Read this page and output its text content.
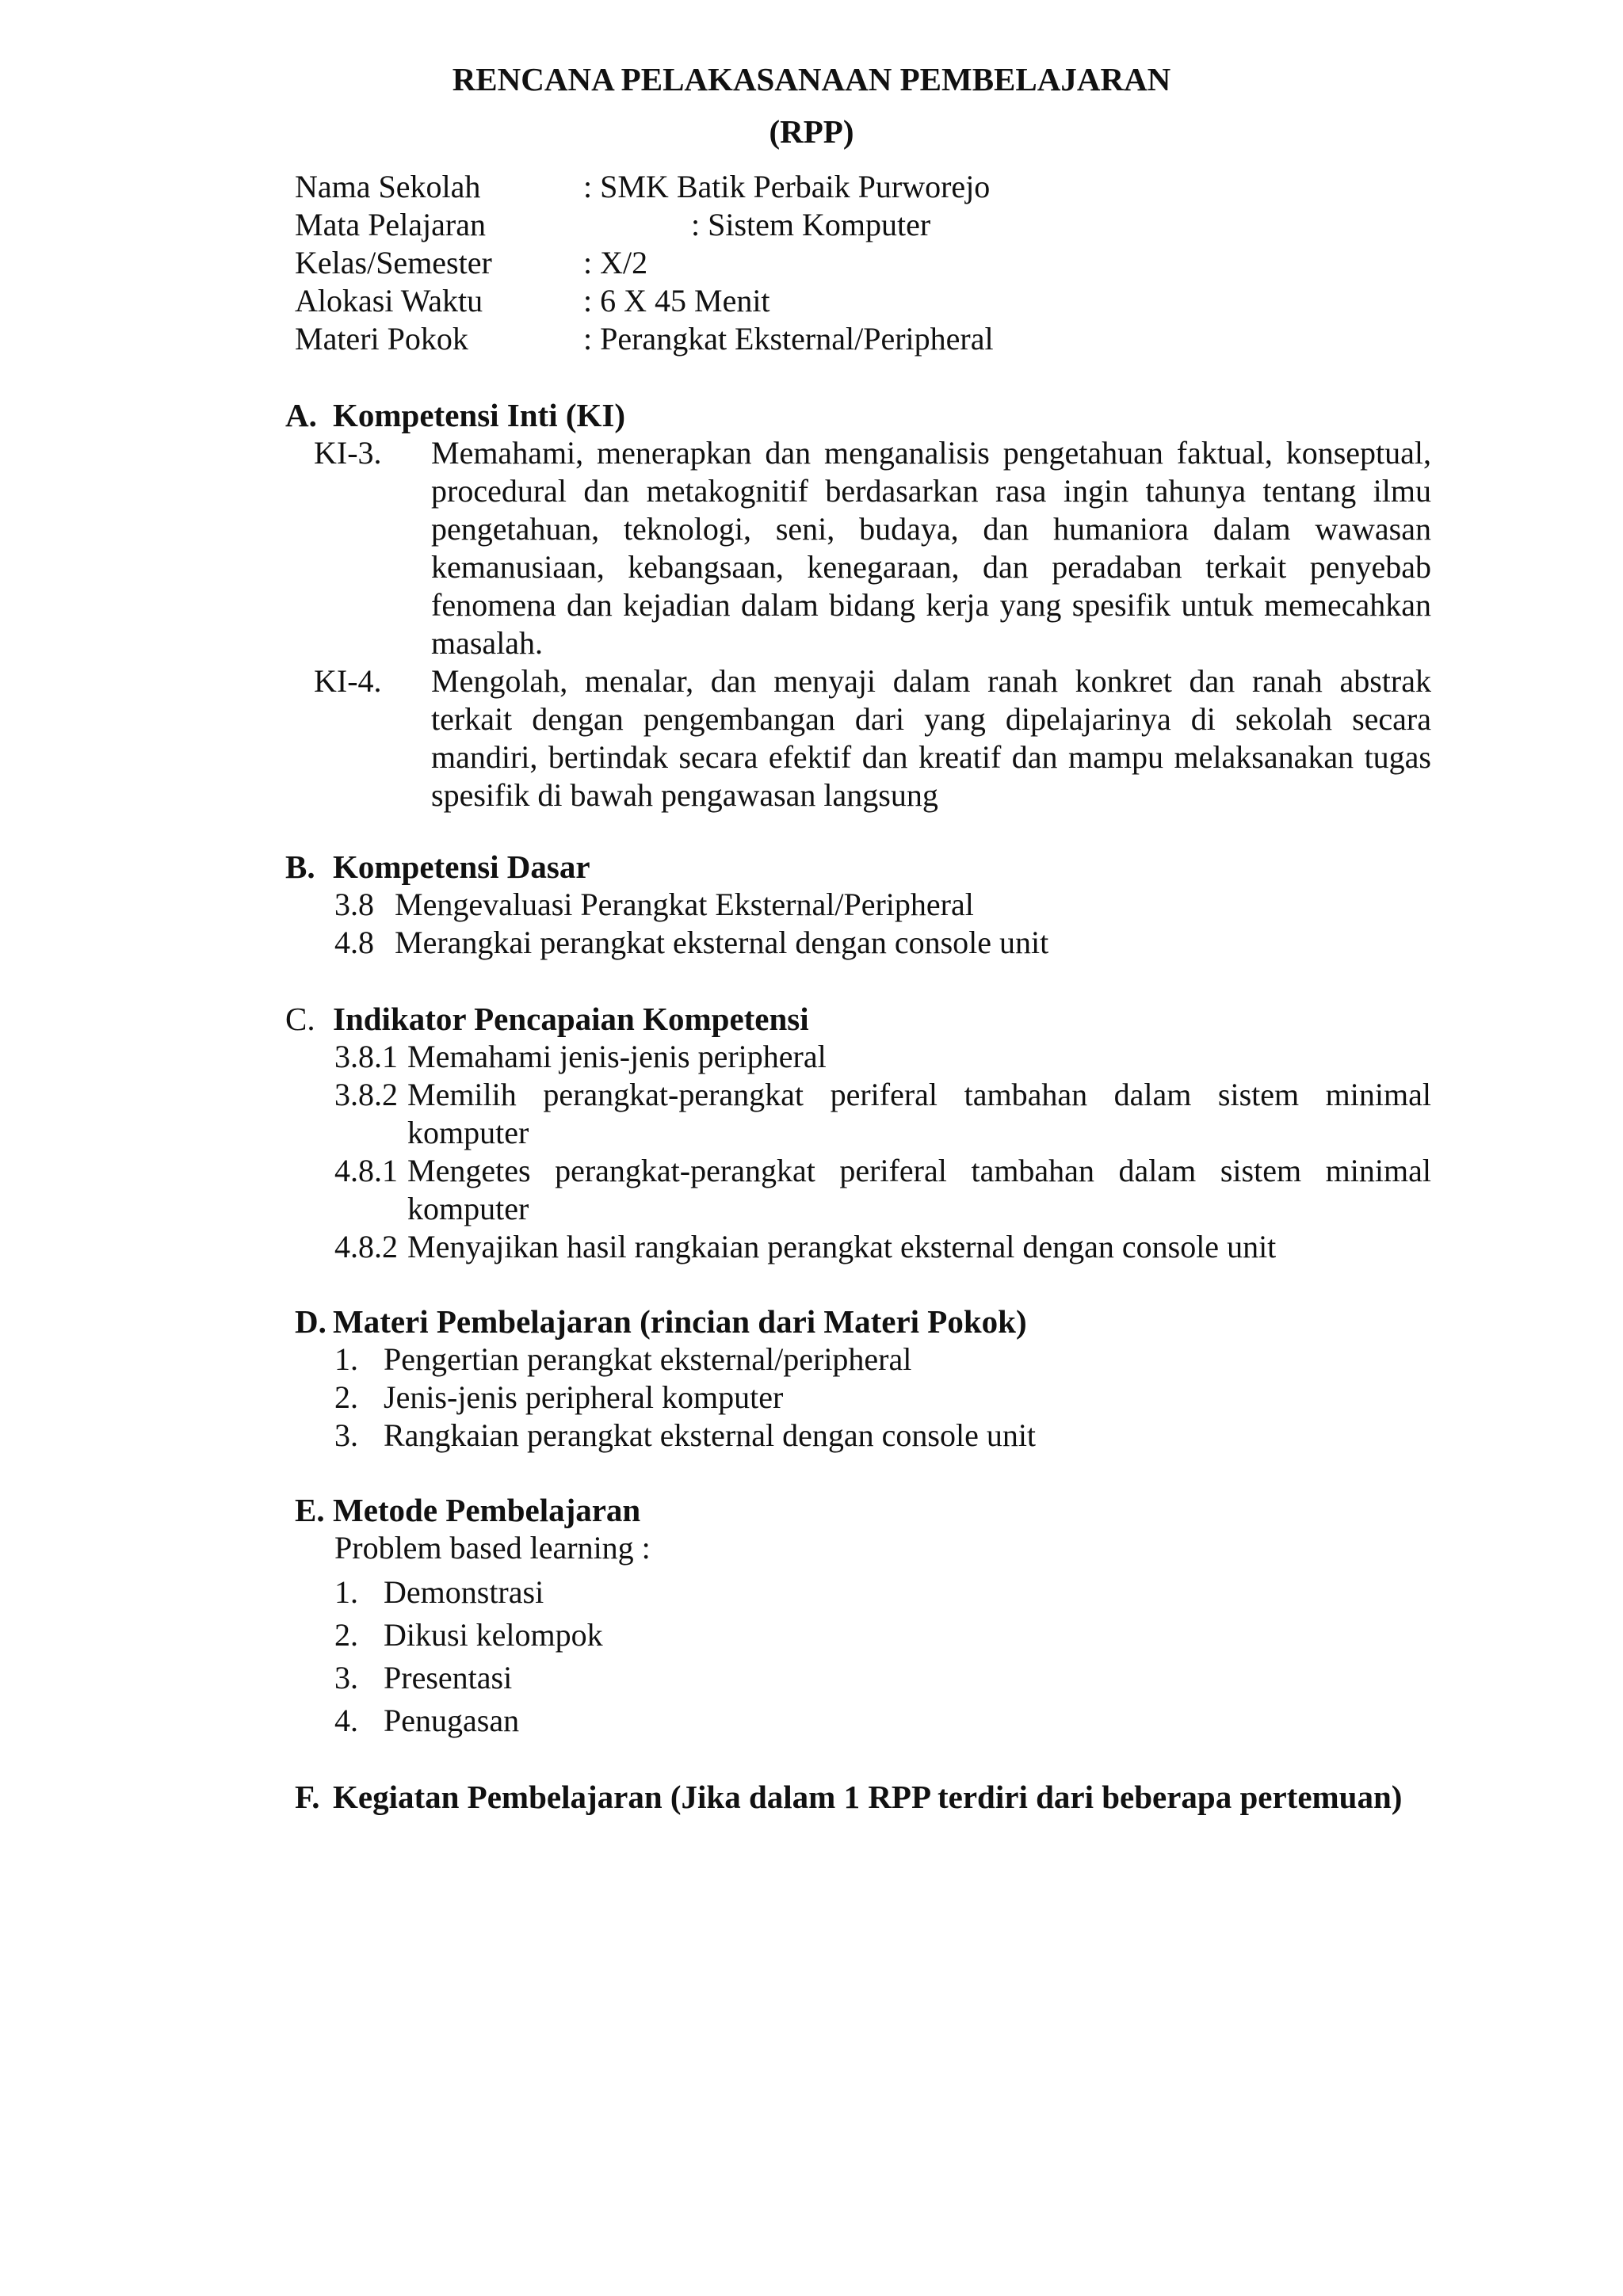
RENCANA PELAKASANAAN PEMBELAJARAN
(RPP)
Nama Sekolah	: SMK Batik Perbaik Purworejo
Mata Pelajaran	: Sistem Komputer
Kelas/Semester	: X/2
Alokasi Waktu	: 6 X 45 Menit
Materi Pokok	: Perangkat Eksternal/Peripheral
A. Kompetensi Inti (KI)
KI-3. Memahami, menerapkan dan menganalisis pengetahuan faktual, konseptual, procedural dan metakognitif berdasarkan rasa ingin tahunya tentang ilmu pengetahuan, teknologi, seni, budaya, dan humaniora dalam wawasan kemanusiaan, kebangsaan, kenegaraan, dan peradaban terkait penyebab fenomena dan kejadian dalam bidang kerja yang spesifik untuk memecahkan masalah.
KI-4. Mengolah, menalar, dan menyaji dalam ranah konkret dan ranah abstrak terkait dengan pengembangan dari yang dipelajarinya di sekolah secara mandiri, bertindak secara efektif dan kreatif dan mampu melaksanakan tugas spesifik di bawah pengawasan langsung
B. Kompetensi Dasar
3.8 Mengevaluasi Perangkat Eksternal/Peripheral
4.8 Merangkai perangkat eksternal dengan console unit
C. Indikator Pencapaian Kompetensi
3.8.1 Memahami jenis-jenis peripheral
3.8.2 Memilih perangkat-perangkat periferal tambahan dalam sistem minimal komputer
4.8.1 Mengetes perangkat-perangkat periferal tambahan dalam sistem minimal komputer
4.8.2 Menyajikan hasil rangkaian perangkat eksternal dengan console unit
D. Materi Pembelajaran (rincian dari Materi Pokok)
1. Pengertian perangkat eksternal/peripheral
2. Jenis-jenis peripheral komputer
3. Rangkaian perangkat eksternal dengan console unit
E. Metode Pembelajaran
Problem based learning :
1. Demonstrasi
2. Dikusi kelompok
3. Presentasi
4. Penugasan
F. Kegiatan Pembelajaran (Jika dalam 1 RPP terdiri dari beberapa pertemuan)
